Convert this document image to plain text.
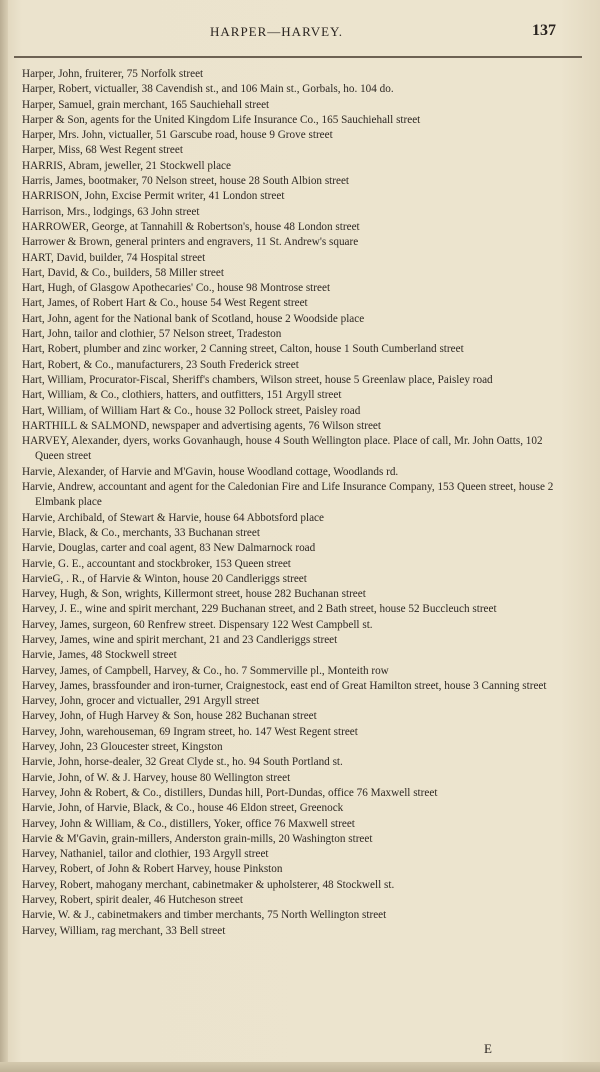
HARPER—HARVEY.	137
Harper, John, fruiterer, 75 Norfolk street
Harper, Robert, victualler, 38 Cavendish st., and 106 Main st., Gorbals, ho. 104 do.
Harper, Samuel, grain merchant, 165 Sauchiehall street
Harper & Son, agents for the United Kingdom Life Insurance Co., 165 Sauchiehall street
Harper, Mrs. John, victualler, 51 Garscube road, house 9 Grove street
Harper, Miss, 68 West Regent street
HARRIS, Abram, jeweller, 21 Stockwell place
Harris, James, bootmaker, 70 Nelson street, house 28 South Albion street
HARRISON, John, Excise Permit writer, 41 London street
Harrison, Mrs., lodgings, 63 John street
HARROWER, George, at Tannahill & Robertson's, house 48 London street
Harrower & Brown, general printers and engravers, 11 St. Andrew's square
HART, David, builder, 74 Hospital street
Hart, David, & Co., builders, 58 Miller street
Hart, Hugh, of Glasgow Apothecaries' Co., house 98 Montrose street
Hart, James, of Robert Hart & Co., house 54 West Regent street
Hart, John, agent for the National bank of Scotland, house 2 Woodside place
Hart, John, tailor and clothier, 57 Nelson street, Tradeston
Hart, Robert, plumber and zinc worker, 2 Canning street, Calton, house 1 South Cumberland street
Hart, Robert, & Co., manufacturers, 23 South Frederick street
Hart, William, Procurator-Fiscal, Sheriff's chambers, Wilson street, house 5 Greenlaw place, Paisley road
Hart, William, & Co., clothiers, hatters, and outfitters, 151 Argyll street
Hart, William, of William Hart & Co., house 32 Pollock street, Paisley road
HARTHILL & SALMOND, newspaper and advertising agents, 76 Wilson street
HARVEY, Alexander, dyers, works Govanhaugh, house 4 South Wellington place. Place of call, Mr. John Oatts, 102 Queen street
Harvie, Alexander, of Harvie and M'Gavin, house Woodland cottage, Woodlands rd.
Harvie, Andrew, accountant and agent for the Caledonian Fire and Life Insurance Company, 153 Queen street, house 2 Elmbank place
Harvie, Archibald, of Stewart & Harvie, house 64 Abbotsford place
Harvie, Black, & Co., merchants, 33 Buchanan street
Harvie, Douglas, carter and coal agent, 83 New Dalmarnock road
Harvie, G. E., accountant and stockbroker, 153 Queen street
HarvieG, . R., of Harvie & Winton, house 20 Candleriggs street
Harvey, Hugh, & Son, wrights, Killermont street, house 282 Buchanan street
Harvey, J. E., wine and spirit merchant, 229 Buchanan street, and 2 Bath street, house 52 Buccleuch street
Harvey, James, surgeon, 60 Renfrew street. Dispensary 122 West Campbell st.
Harvey, James, wine and spirit merchant, 21 and 23 Candleriggs street
Harvie, James, 48 Stockwell street
Harvey, James, of Campbell, Harvey, & Co., ho. 7 Sommerville pl., Monteith row
Harvey, James, brassfounder and iron-turner, Craignestock, east end of Great Hamilton street, house 3 Canning street
Harvey, John, grocer and victualler, 291 Argyll street
Harvey, John, of Hugh Harvey & Son, house 282 Buchanan street
Harvey, John, warehouseman, 69 Ingram street, ho. 147 West Regent street
Harvey, John, 23 Gloucester street, Kingston
Harvie, John, horse-dealer, 32 Great Clyde st., ho. 94 South Portland st.
Harvie, John, of W. & J. Harvey, house 80 Wellington street
Harvey, John & Robert, & Co., distillers, Dundas hill, Port-Dundas, office 76 Maxwell street
Harvie, John, of Harvie, Black, & Co., house 46 Eldon street, Greenock
Harvey, John & William, & Co., distillers, Yoker, office 76 Maxwell street
Harvie & M'Gavin, grain-millers, Anderston grain-mills, 20 Washington street
Harvey, Nathaniel, tailor and clothier, 193 Argyll street
Harvey, Robert, of John & Robert Harvey, house Pinkston
Harvey, Robert, mahogany merchant, cabinetmaker & upholsterer, 48 Stockwell st.
Harvey, Robert, spirit dealer, 46 Hutcheson street
Harvie, W. & J., cabinetmakers and timber merchants, 75 North Wellington street
Harvey, William, rag merchant, 33 Bell street
E
